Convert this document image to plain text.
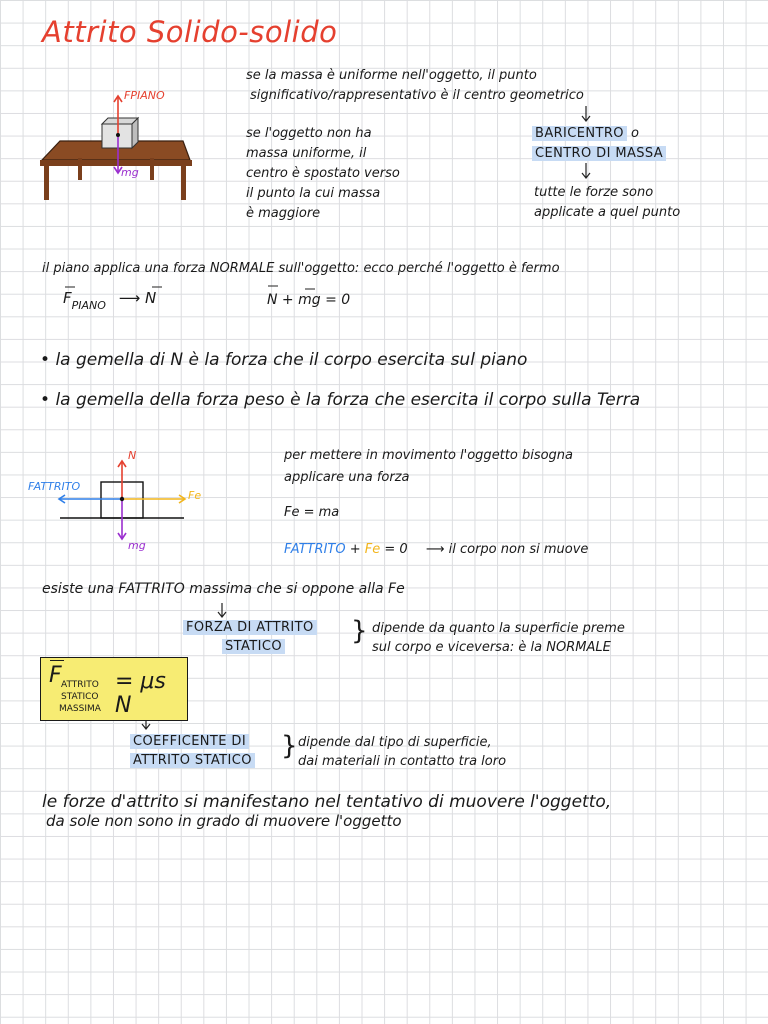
Attrito Solido-solido
FPIANO
mg
se la massa è uniforme nell'oggetto, il punto
significativo/rappresentativo è il centro geometrico
se l'oggetto non ha
massa uniforme, il
centro è spostato verso
il punto la cui massa
è maggiore
BARICENTRO o
CENTRO DI MASSA
tutte le forze sono
applicate a quel punto
il piano applica una forza NORMALE sull'oggetto: ecco perché l'oggetto è fermo
$F_{PIANO}$ ⟶ N	N + mg = 0
• la gemella di N è la forza che il corpo esercita sul piano
• la gemella della forza peso è la forza che esercita il corpo sulla Terra
N
FATTRITO
Fe
mg
per mettere in movimento l'oggetto bisogna
applicare una forza
Fe = ma
FATTRITO + Fe = 0 ⟶ il corpo non si muove
esiste una FATTRITO massima che si oppone alla Fe
FORZA DI ATTRITO
STATICO
} dipende da quanto la superficie preme
sul corpo e viceversa: è la NORMALE
F ATTRITO
STATICO
MASSIMA
= μs N
COEFFICENTE DI
ATTRITO STATICO } dipende dal tipo di superficie,
dai materiali in contatto tra loro
le forze d'attrito si manifestano nel tentativo di muovere l'oggetto,
da sole non sono in grado di muovere l'oggetto
